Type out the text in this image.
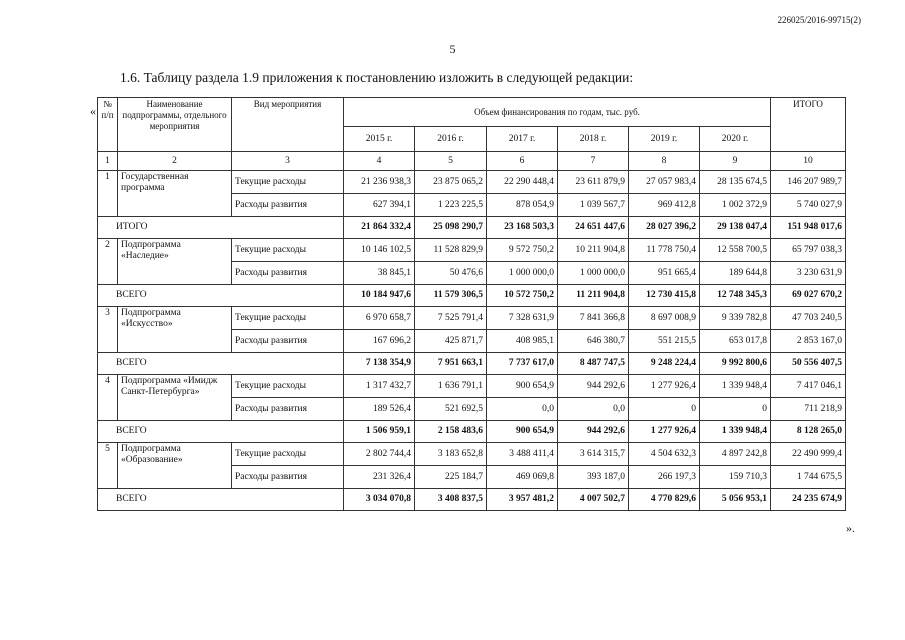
226025/2016-99715(2)
5
1.6. Таблицу раздела 1.9 приложения к постановлению изложить в следующей редакции:
«
».
№ п/п	Наименование подпрограммы, отдельного мероприятия	Вид мероприятия	Объем финансирования по годам, тыс. руб.						ИТОГО
			2015 г.	2016 г.	2017 г.	2018 г.	2019 г.	2020 г.	
1	2	3	4	5	6	7	8	9	10
1	Государственная программа	Текущие расходы	21 236 938,3	23 875 065,2	22 290 448,4	23 611 879,9	27 057 983,4	28 135 674,5	146 207 989,7
		Расходы развития	627 394,1	1 223 225,5	878 054,9	1 039 567,7	969 412,8	1 002 372,9	5 740 027,9
ИТОГО			21 864 332,4	25 098 290,7	23 168 503,3	24 651 447,6	28 027 396,2	29 138 047,4	151 948 017,6
2	Подпрограмма «Наследие»	Текущие расходы	10 146 102,5	11 528 829,9	9 572 750,2	10 211 904,8	11 778 750,4	12 558 700,5	65 797 038,3
		Расходы развития	38 845,1	50 476,6	1 000 000,0	1 000 000,0	951 665,4	189 644,8	3 230 631,9
ВСЕГО			10 184 947,6	11 579 306,5	10 572 750,2	11 211 904,8	12 730 415,8	12 748 345,3	69 027 670,2
3	Подпрограмма «Искусство»	Текущие расходы	6 970 658,7	7 525 791,4	7 328 631,9	7 841 366,8	8 697 008,9	9 339 782,8	47 703 240,5
		Расходы развития	167 696,2	425 871,7	408 985,1	646 380,7	551 215,5	653 017,8	2 853 167,0
ВСЕГО			7 138 354,9	7 951 663,1	7 737 617,0	8 487 747,5	9 248 224,4	9 992 800,6	50 556 407,5
4	Подпрограмма «Имидж Санкт-Петербурга»	Текущие расходы	1 317 432,7	1 636 791,1	900 654,9	944 292,6	1 277 926,4	1 339 948,4	7 417 046,1
		Расходы развития	189 526,4	521 692,5	0,0	0,0	0	0	711 218,9
ВСЕГО			1 506 959,1	2 158 483,6	900 654,9	944 292,6	1 277 926,4	1 339 948,4	8 128 265,0
5	Подпрограмма «Образование»	Текущие расходы	2 802 744,4	3 183 652,8	3 488 411,4	3 614 315,7	4 504 632,3	4 897 242,8	22 490 999,4
		Расходы развития	231 326,4	225 184,7	469 069,8	393 187,0	266 197,3	159 710,3	1 744 675,5
ВСЕГО			3 034 070,8	3 408 837,5	3 957 481,2	4 007 502,7	4 770 829,6	5 056 953,1	24 235 674,9
